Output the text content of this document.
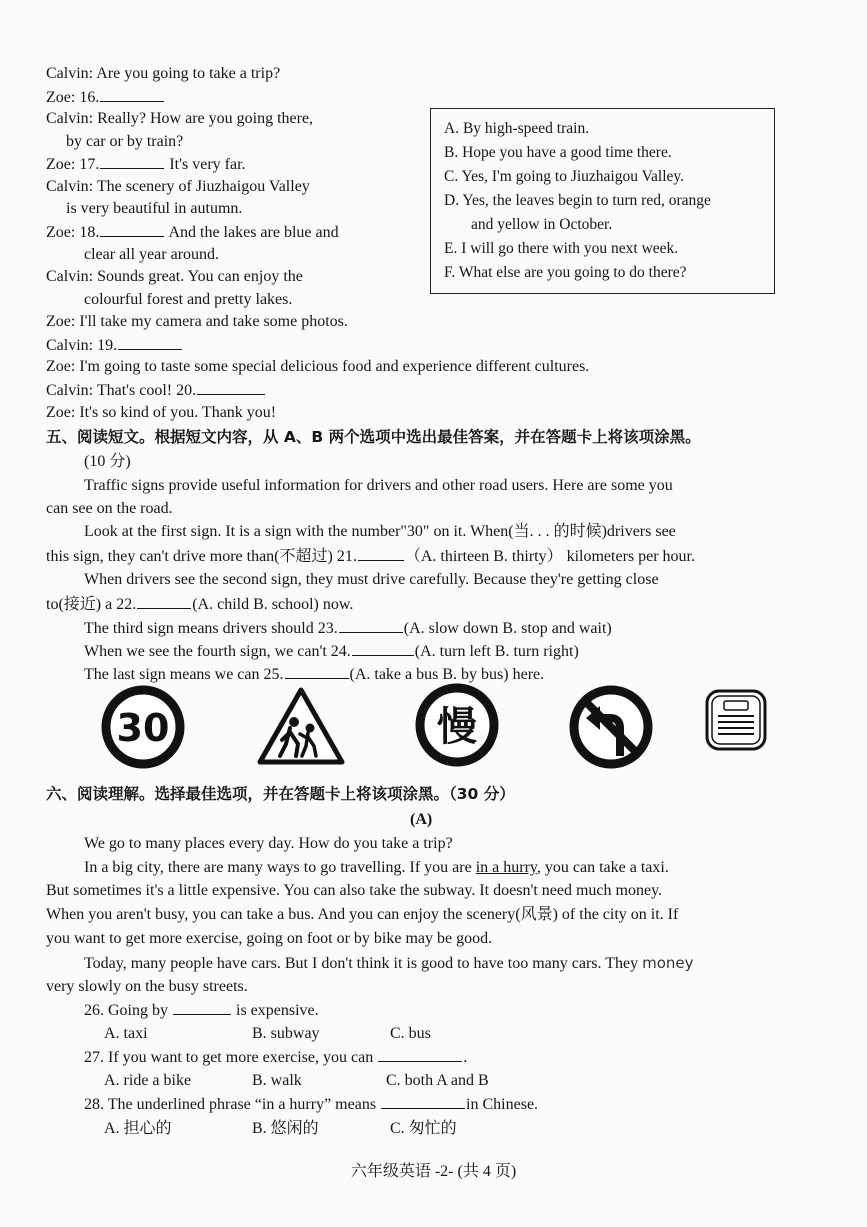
Calvin: Are you going to take a trip?
Zoe: 16.
Calvin: Really? How are you going there,
by car or by train?
Zoe: 17.	It's very far.
Calvin: The scenery of Jiuzhaigou Valley
is very beautiful in autumn.
Zoe: 18.	And the lakes are blue and
clear all year around.
Calvin: Sounds great. You can enjoy the
colourful forest and pretty lakes.
Zoe: I'll take my camera and take some photos.
Calvin: 19.
Zoe: I'm going to taste some special delicious food and experience different cultures.
Calvin: That's cool! 20.
Zoe: It's so kind of you. Thank you!
A. By high-speed train.
B. Hope you have a good time there.
C. Yes, I'm going to Jiuzhaigou Valley.
D. Yes, the leaves begin to turn red, orange
and yellow in October.
E. I will go there with you next week.
F. What else are you going to do there?
五、阅读短文。根据短文内容，从 A、B 两个选项中选出最佳答案，并在答题卡上将该项涂黑。
(10 分)
Traffic signs provide useful information for drivers and other road users. Here are some you
can see on the road.
Look at the first sign. It is a sign with the number"30" on it. When(当. . . 的时候)drivers see
this sign, they can't drive more than(不超过) 21.	（A. thirteen B. thirty） kilometers per hour.
When drivers see the second sign, they must drive carefully. Because they're getting close
to(接近) a 22.	(A. child B. school) now.
The third sign means drivers should 23.	(A. slow down B. stop and wait)
When we see the fourth sign, we can't 24.	(A. turn left B. turn right)
The last sign means we can 25.	(A. take a bus B. by bus) here.
30	慢
六、阅读理解。选择最佳选项，并在答题卡上将该项涂黑。（30 分）
(A)
We go to many places every day. How do you take a trip?
In a big city, there are many ways to go travelling. If you are in a hurry, you can take a taxi.
But sometimes it's a little expensive. You can also take the subway. It doesn't need much money.
When you aren't busy, you can take a bus. And you can enjoy the scenery(风景) of the city on it. If
you want to get more exercise, going on foot or by bike may be good.
Today, many people have cars. But I don't think it is good to have too many cars. They money
very slowly on the busy streets.
26. Going by	is expensive.
A. taxi	B. subway	C. bus
27. If you want to get more exercise, you can	.
A. ride a bike	B. walk	C. both A and B
28. The underlined phrase “in a hurry” means	in Chinese.
A. 担心的	B. 悠闲的	C. 匆忙的
六年级英语 -2- (共 4 页)
